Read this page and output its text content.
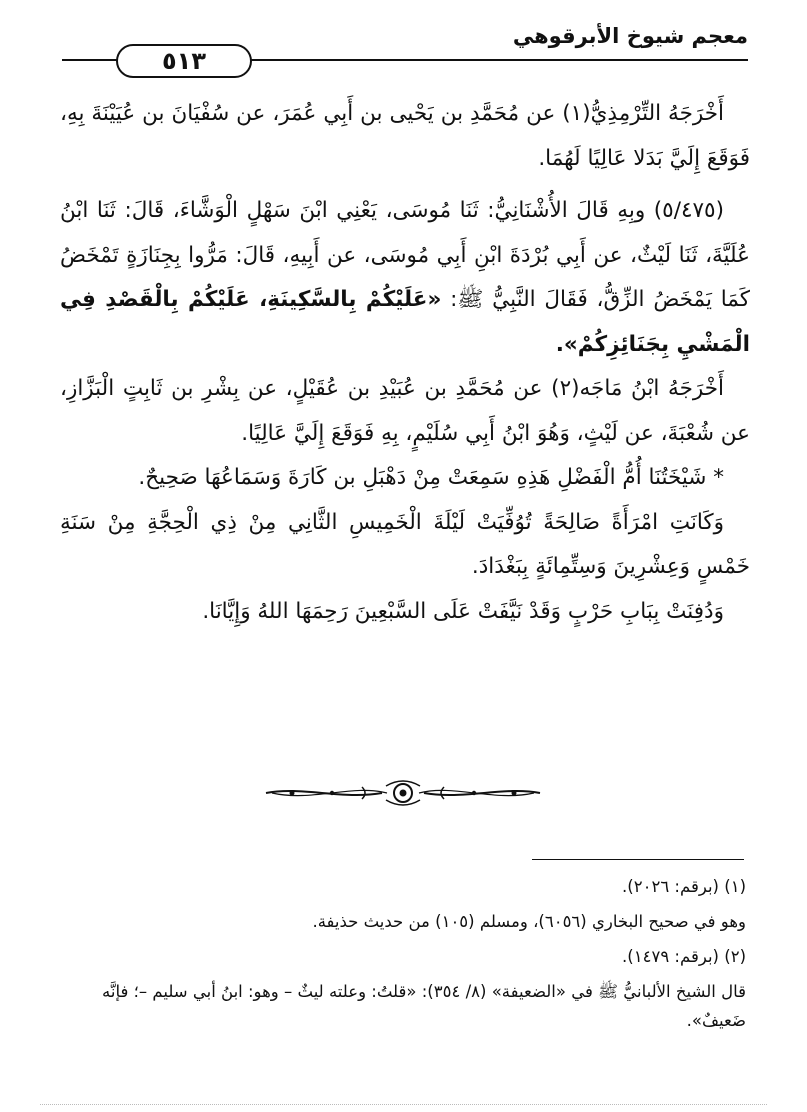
٥١٣
معجم شيوخ الأبرقوهي

أَخْرَجَهُ التِّرْمِذِيُّ(١) عن مُحَمَّدِ بن يَحْيى بن أَبِي عُمَرَ، عن سُفْيَانَ بن عُيَيْنَةَ بِهِ، فَوَقَعَ إِلَيَّ بَدَلا عَالِيًا لَهُمَا.

(٥/٤٧٥) وبِهِ قَالَ الأُشْنَانِيُّ: ثَنَا مُوسَى، يَعْنِي ابْنَ سَهْلٍ الْوَشَّاءَ، قَالَ: ثَنَا ابْنُ عُلَيَّةَ، ثَنَا لَيْثٌ، عن أَبِي بُرْدَةَ ابْنِ أَبِي مُوسَى، عن أَبِيهِ، قَالَ: مَرُّوا بِجِنَازَةٍ تَمْخَضُ كَمَا يَمْخَضُ الزِّقُّ، فَقَالَ النَّبِيُّ ﷺ: «عَلَيْكُمْ بِالسَّكِينَةِ، عَلَيْكُمْ بِالْقَصْدِ فِي الْمَشْيِ بِجَنَائِزِكُمْ».

أَخْرَجَهُ ابْنُ مَاجَه(٢) عن مُحَمَّدِ بن عُبَيْدِ بن عُقَيْلٍ، عن بِشْرِ بن ثَابِتٍ الْبَزَّازِ، عن شُعْبَةَ، عن لَيْثٍ، وَهُوَ ابْنُ أَبِي سُلَيْمٍ، بِهِ فَوَقَعَ إِلَيَّ عَالِيًا.

* شَيْخَتُنَا أُمُّ الْفَضْلِ هَذِهِ سَمِعَتْ مِنْ دَهْبَلِ بن كَارَةَ وَسَمَاعُهَا صَحِيحٌ.

وَكَانَتِ امْرَأَةً صَالِحَةً تُوُفِّيَتْ لَيْلَةَ الْخَمِيسِ الثَّانِي مِنْ ذِي الْحِجَّةِ مِنْ سَنَةِ خَمْسٍ وَعِشْرِينَ وَسِتِّمِائَةٍ بِبَغْدَادَ.

وَدُفِنَتْ بِبَابِ حَرْبٍ وَقَدْ نَيَّفَتْ عَلَى السَّبْعِينَ رَحِمَهَا اللهُ وَإِيَّانَا.

(١) (برقم: ٢٠٢٦).

وهو في صحيح البخاري (٦٠٥٦)، ومسلم (١٠٥) من حديث حذيفة.

(٢) (برقم: ١٤٧٩).

قال الشيخ الألبانيُّ ﷺ في «الضعيفة» (٨/ ٣٥٤): «قلتُ: وعلته ليثٌ – وهو: ابنُ أبي سليم –؛ فإنَّه ضَعيفٌ».
